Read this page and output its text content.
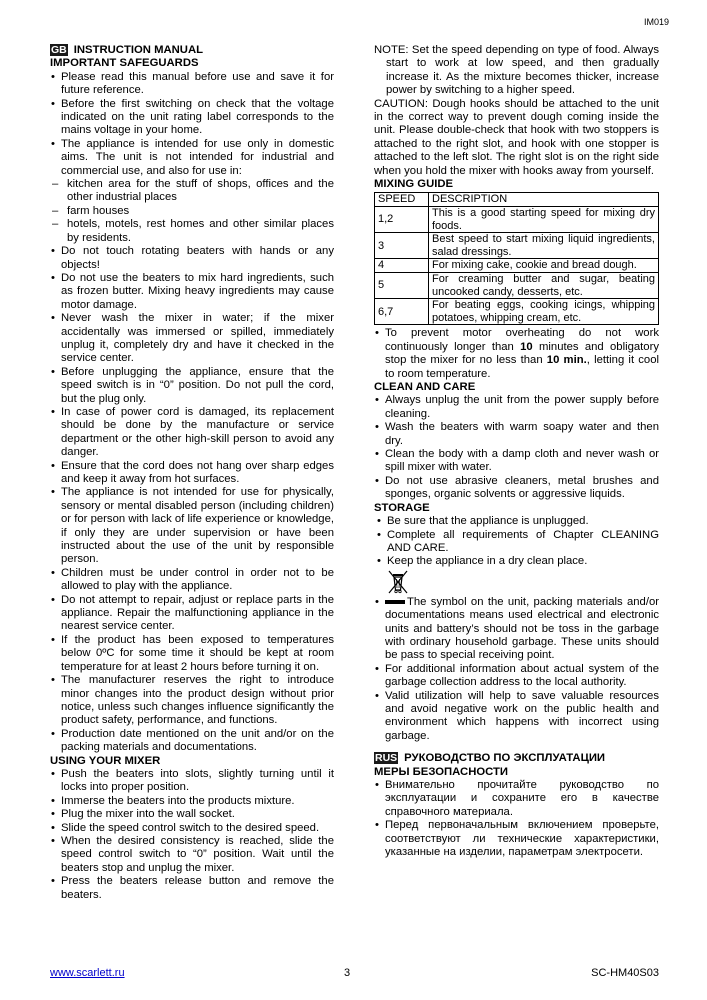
IM019

GB INSTRUCTION MANUAL

IMPORTANT SAFEGUARDS

• Please read this manual before use and save it for future reference.
• Before the first switching on check that the voltage indicated on the unit rating label corresponds to the mains voltage in your home.
• The appliance is intended for use only in domestic aims. The unit is not intended for industrial and commercial use, and also for use in:
– kitchen area for the stuff of shops, offices and the other industrial places
– farm houses
– hotels, motels, rest homes and other similar places by residents.
• Do not touch rotating beaters with hands or any objects!
• Do not use the beaters to mix hard ingredients, such as frozen butter. Mixing heavy ingredients may cause motor damage.
• Never wash the mixer in water; if the mixer accidentally was immersed or spilled, immediately unplug it, completely dry and have it checked in the service center.
• Before unplugging the appliance, ensure that the speed switch is in “0” position. Do not pull the cord, but the plug only.
• In case of power cord is damaged, its replacement should be done by the manufacture or service department or the other high-skill person to avoid any danger.
• Ensure that the cord does not hang over sharp edges and keep it away from hot surfaces.
• The appliance is not intended for use for physically, sensory or mental disabled person (including children) or for person with lack of life experience or knowledge, if only they are under supervision or have been instructed about the use of the unit by responsible person.
• Children must be under control in order not to be allowed to play with the appliance.
• Do not attempt to repair, adjust or replace parts in the appliance. Repair the malfunctioning appliance in the nearest service center.
• If the product has been exposed to temperatures below 0ºC for some time it should be kept at room temperature for at least 2 hours before turning it on.
• The manufacturer reserves the right to introduce minor changes into the product design without prior notice, unless such changes influence significantly the product safety, performance, and functions.
• Production date mentioned on the unit and/or on the packing materials and documentations.

USING YOUR MIXER

• Push the beaters into slots, slightly turning until it locks into proper position.
• Immerse the beaters into the products mixture.
• Plug the mixer into the wall socket.
• Slide the speed control switch to the desired speed.
• When the desired consistency is reached, slide the speed control switch to “0” position. Wait until the beaters stop and unplug the mixer.
• Press the beaters release button and remove the beaters.

NOTE: Set the speed depending on type of food. Always start to work at low speed, and then gradually increase it. As the mixture becomes thicker, increase power by switching to a higher speed.

CAUTION: Dough hooks should be attached to the unit in the correct way to prevent dough coming inside the unit. Please double-check that hook with two stoppers is attached to the right slot, and hook with one stopper is attached to the left slot. The right slot is on the right side when you hold the mixer with hooks away from yourself.

MIXING GUIDE

SPEED	DESCRIPTION
1,2	This is a good starting speed for mixing dry foods.
3	Best speed to start mixing liquid ingredients, salad dressings.
4	For mixing cake, cookie and bread dough.
5	For creaming butter and sugar, beating uncooked candy, desserts, etc.
6,7	For beating eggs, cooking icings, whipping potatoes, whipping cream, etc.
• To prevent motor overheating do not work continuously longer than 10 minutes and obligatory stop the mixer for no less than 10 min., letting it cool to room temperature.

CLEAN AND CARE

• Always unplug the unit from the power supply before cleaning.
• Wash the beaters with warm soapy water and then dry.
• Clean the body with a damp cloth and never wash or spill mixer with water.
• Do not use abrasive cleaners, metal brushes and sponges, organic solvents or aggressive liquids.

STORAGE

• Be sure that the appliance is unplugged.
• Complete all requirements of Chapter CLEANING AND CARE.
• Keep the appliance in a dry clean place.
• The symbol on the unit, packing materials and/or documentations means used electrical and electronic units and battery’s should not be toss in the garbage with ordinary household garbage. These units should be pass to special receiving point.
• For additional information about actual system of the garbage collection address to the local authority.
• Valid utilization will help to save valuable resources and avoid negative work on the public health and environment which happens with incorrect using garbage.

RUS РУКОВОДСТВО ПО ЭКСПЛУАТАЦИИ

МЕРЫ БЕЗОПАСНОСТИ

• Внимательно прочитайте руководство по эксплуатации и сохраните его в качестве справочного материала.
• Перед первоначальным включением проверьте, соответствуют ли технические характеристики, указанные на изделии, параметрам электросети.
www.scarlett.ru	3	SC-HM40S03
